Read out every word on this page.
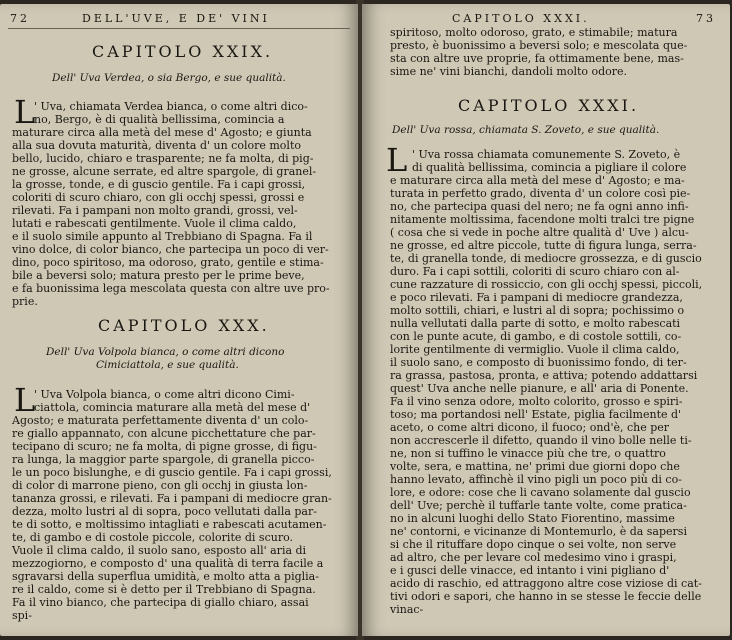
72	DELL'UVE, E DE' VINI
CAPITOLO XXIX.
Dell' Uva Verdea, o sia Bergo, e sue qualità.
L
' Uva, chiamata Verdea bianca, o come altri dico-
no, Bergo, è di qualità bellissima, comincia a
maturare circa alla metà del mese d' Agosto; e giunta
alla sua dovuta maturità, diventa d' un colore molto
bello, lucido, chiaro e trasparente; ne fa molta, di pig-
ne grosse, alcune serrate, ed altre spargole, di granel-
la grosse, tonde, e di guscio gentile. Fa i capi grossi,
coloriti di scuro chiaro, con gli occhj spessi, grossi e
rilevati. Fa i pampani non molto grandi, grossi, vel-
lutati e rabescati gentilmente. Vuole il clima caldo,
e il suolo simile appunto al Trebbiano di Spagna. Fa il
vino dolce, di color bianco, che partecipa un poco di ver-
dino, poco spiritoso, ma odoroso, grato, gentile e stima-
bile a beversi solo; matura presto per le prime beve,
e fa buonissima lega mescolata questa con altre uve pro-
prie.
CAPITOLO XXX.
Dell' Uva Volpola bianca, o come altri dicono
Cimiciattola, e sue qualità.
L
' Uva Volpola bianca, o come altri dicono Cimi-
ciattola, comincia maturare alla metà del mese d'
Agosto; e maturata perfettamente diventa d' un colo-
re giallo appannato, con alcune picchettature che par-
tecipano di scuro; ne fa molta, di pigne grosse, di figu-
ra lunga, la maggior parte spargole, di granella picco-
le un poco bislunghe, e di guscio gentile. Fa i capi grossi,
di color di marrone pieno, con gli occhj in giusta lon-
tananza grossi, e rilevati. Fa i pampani di mediocre gran-
dezza, molto lustri al di sopra, poco vellutati dalla par-
te di sotto, e moltissimo intagliati e rabescati acutamen-
te, di gambo e di costole piccole, colorite di scuro.
Vuole il clima caldo, il suolo sano, esposto all' aria di
mezzogiorno, e composto d' una qualità di terra facile a
sgravarsi della superflua umidità, e molto atta a piglia-
re il caldo, come si è detto per il Trebbiano di Spagna.
Fa il vino bianco, che partecipa di giallo chiaro, assai
spi-
CAPITOLO XXXI.	73
spiritoso, molto odoroso, grato, e stimabile; matura
presto, è buonissimo a beversi solo; e mescolata que-
sta con altre uve proprie, fa ottimamente bene, mas-
sime ne' vini bianchi, dandoli molto odore.
CAPITOLO XXXI.
Dell' Uva rossa, chiamata S. Zoveto, e sue qualità.
L ' Uva rossa chiamata comunemente S. Zoveto, è
di qualità bellissima, comincia a pigliare il colore
e maturare circa alla metà del mese d' Agosto; e ma-
turata in perfetto grado, diventa d' un colore così pie-
no, che partecipa quasi del nero; ne fa ogni anno infi-
nitamente moltissima, facendone molti tralci tre pigne
( cosa che si vede in poche altre qualità d' Uve ) alcu-
ne grosse, ed altre piccole, tutte di figura lunga, serra-
te, di granella tonde, di mediocre grossezza, e di guscio
duro. Fa i capi sottili, coloriti di scuro chiaro con al-
cune razzature di rossiccio, con gli occhj spessi, piccoli,
e poco rilevati. Fa i pampani di mediocre grandezza,
molto sottili, chiari, e lustri al di sopra; pochissimo o
nulla vellutati dalla parte di sotto, e molto rabescati
con le punte acute, di gambo, e di costole sottili, co-
lorite gentilmente di vermiglio. Vuole il clima caldo,
il suolo sano, e composto di buonissimo fondo, di ter-
ra grassa, pastosa, pronta, e attiva; potendo addattarsi
quest' Uva anche nelle pianure, e all' aria di Ponente.
Fa il vino senza odore, molto colorito, grosso e spiri-
toso; ma portandosi nell' Estate, piglia facilmente d'
aceto, o come altri dicono, il fuoco; ond'è, che per
non accrescerle il difetto, quando il vino bolle nelle ti-
ne, non si tuffino le vinacce più che tre, o quattro
volte, sera, e mattina, ne' primi due giorni dopo che
hanno levato, affinchè il vino pigli un poco più di co-
lore, e odore: cose che li cavano solamente dal guscio
dell' Uve; perchè il tuffarle tante volte, come pratica-
no in alcuni luoghi dello Stato Fiorentino, massime
ne' contorni, e vicinanze di Montemurlo, è da sapersi
si che il rituffare dopo cinque o sei volte, non serve
ad altro, che per levare col medesimo vino i graspi,
e i gusci delle vinacce, ed intanto i vini pigliano d'
acido di raschio, ed attraggono altre cose viziose di cat-
tivi odori e sapori, che hanno in se stesse le feccie delle
vinac-
